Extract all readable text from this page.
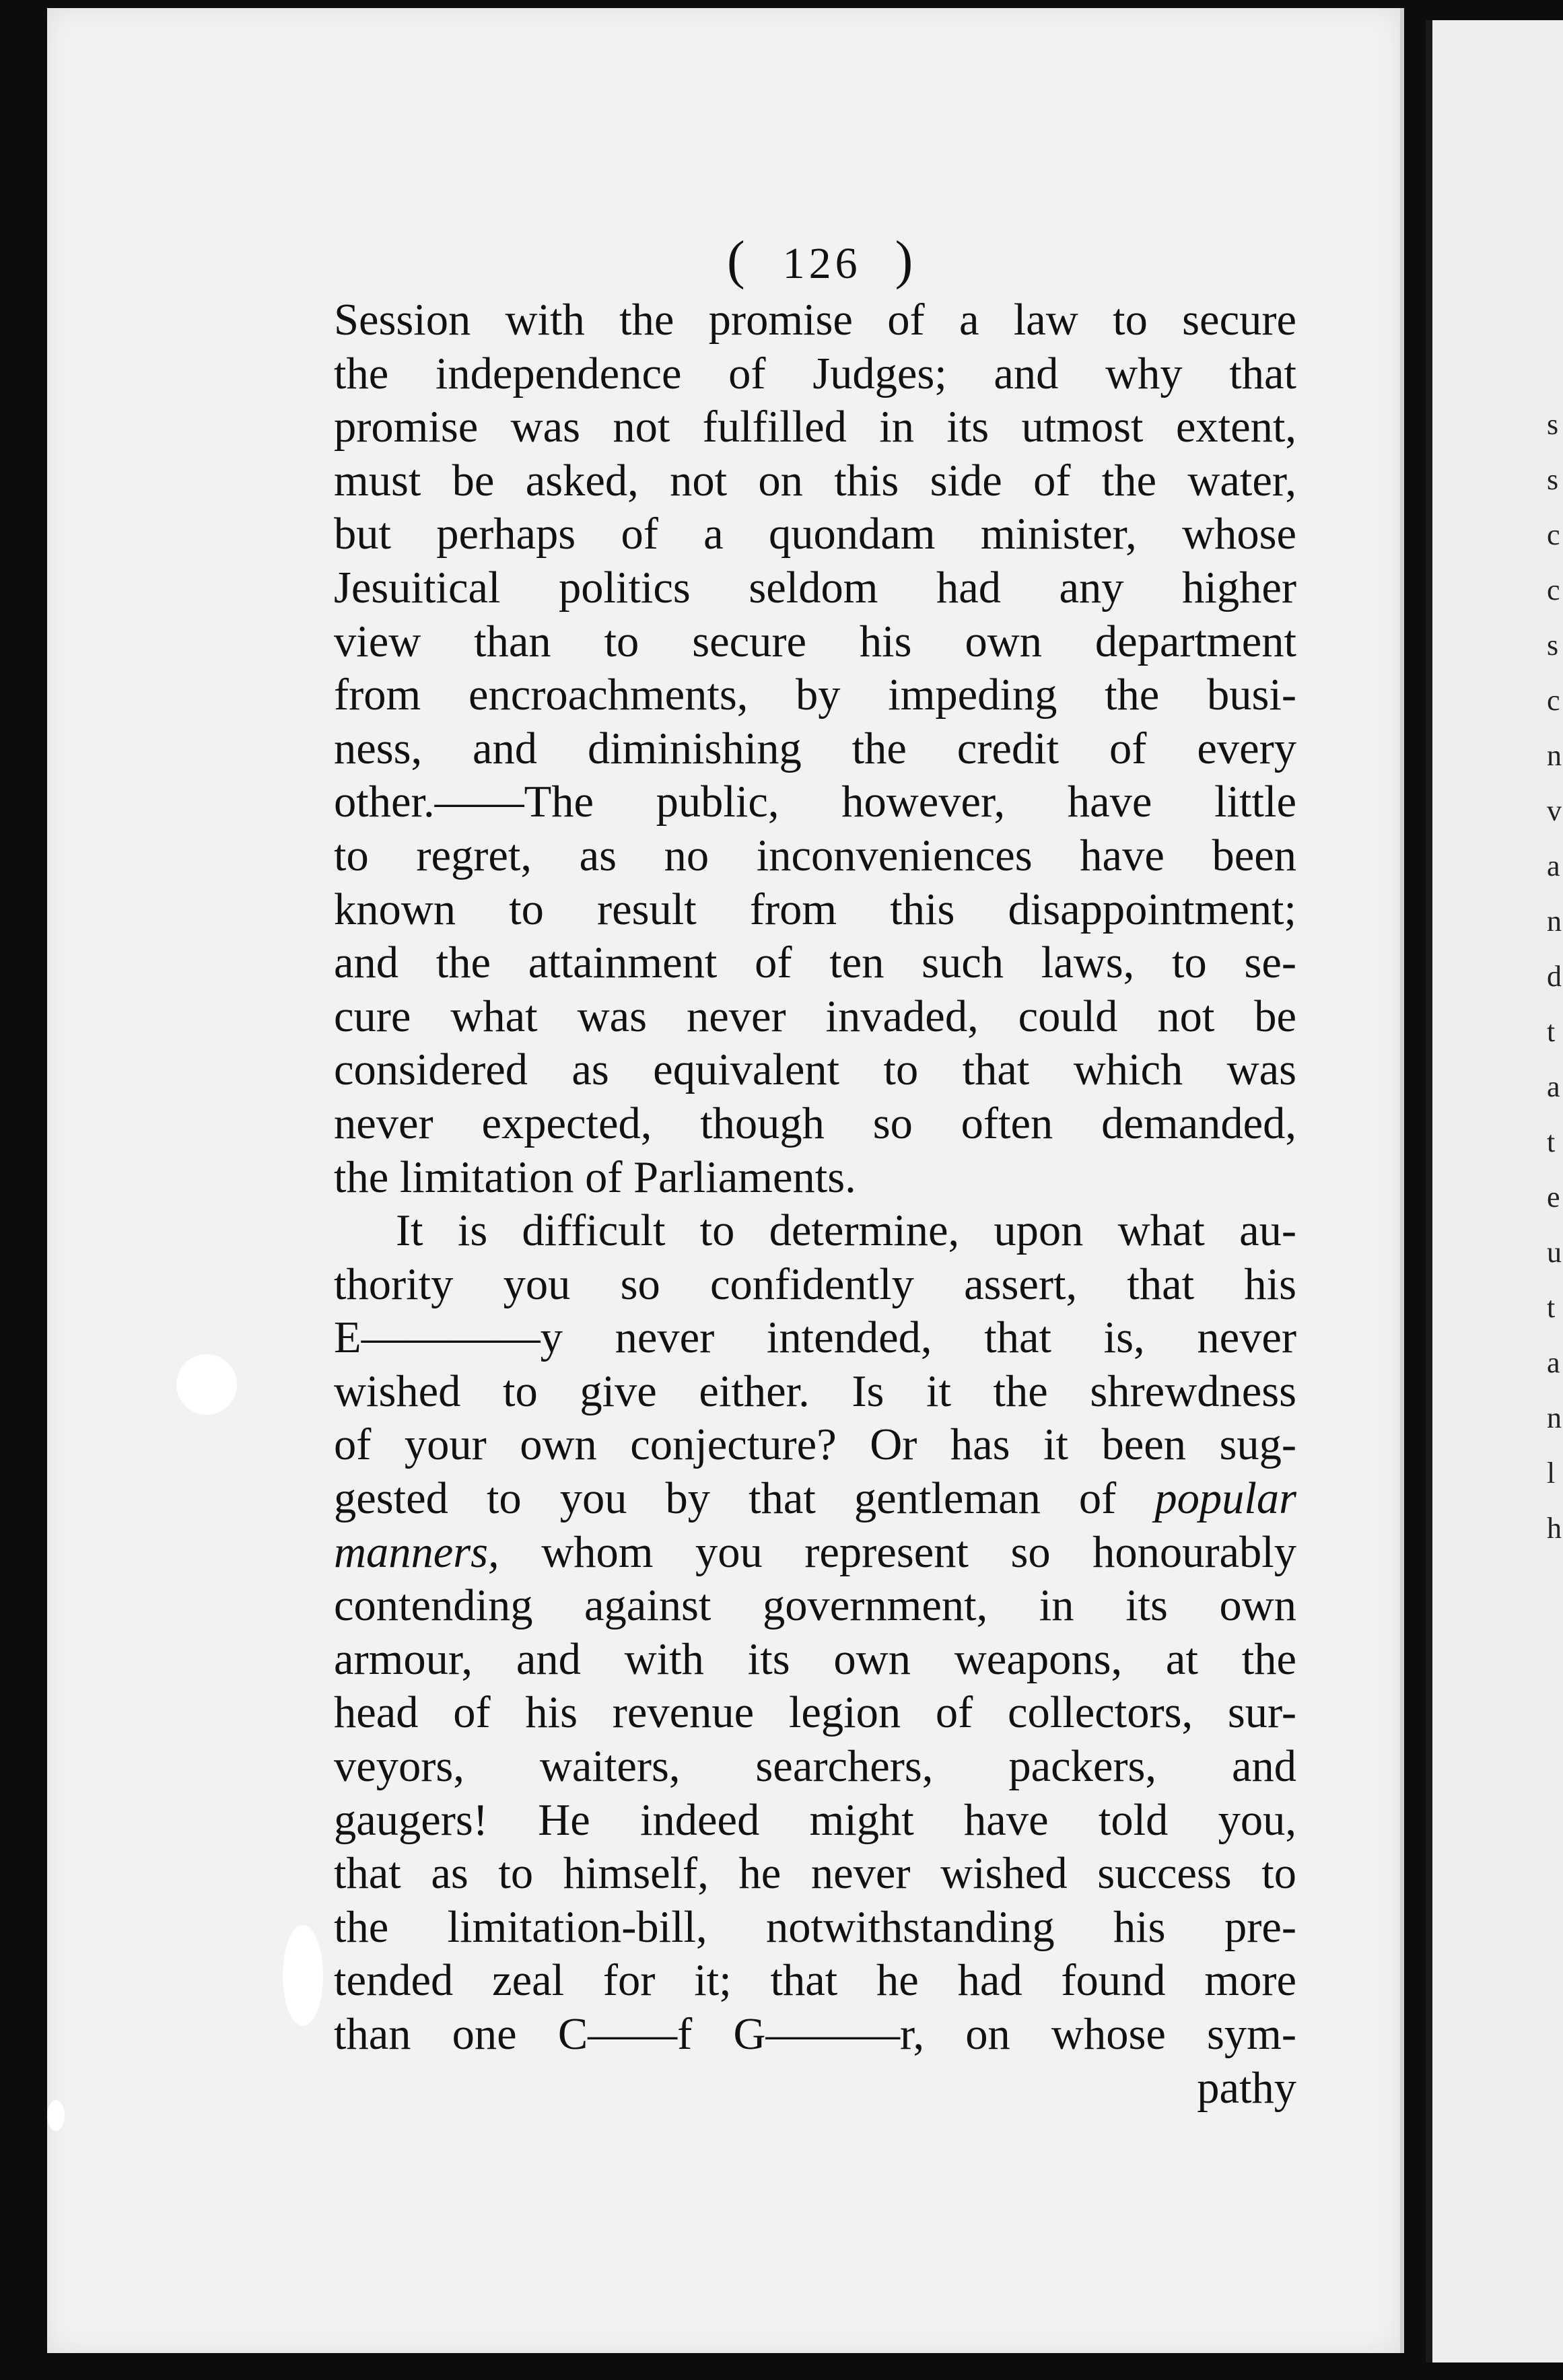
( 126 )
Session with the promise of a law to secure
the independence of Judges; and why that
promise was not fulfilled in its utmost extent,
must be asked, not on this side of the water,
but perhaps of a quondam minister, whose
Jesuitical politics seldom had any higher
view than to secure his own department
from encroachments, by impeding the busi-
ness, and diminishing the credit of every
other.——The public, however, have little
to regret, as no inconveniences have been
known to result from this disappointment;
and the attainment of ten such laws, to se-
cure what was never invaded, could not be
considered as equivalent to that which was
never expected, though so often demanded,
the limitation of Parliaments.
It is difficult to determine, upon what au-
thority you so confidently assert, that his
E————y never intended, that is, never
wished to give either. Is it the shrewdness
of your own conjecture? Or has it been sug-
gested to you by that gentleman of popular
manners, whom you represent so honourably
contending against government, in its own
armour, and with its own weapons, at the
head of his revenue legion of collectors, sur-
veyors, waiters, searchers, packers, and
gaugers! He indeed might have told you,
that as to himself, he never wished success to
the limitation-bill, notwithstanding his pre-
tended zeal for it; that he had found more
than one C——f G———r, on whose sym-
pathy
s
s
c
c
s
c
n
v
a
n
d
t
a
t
e
u
t
a
n
l
h
